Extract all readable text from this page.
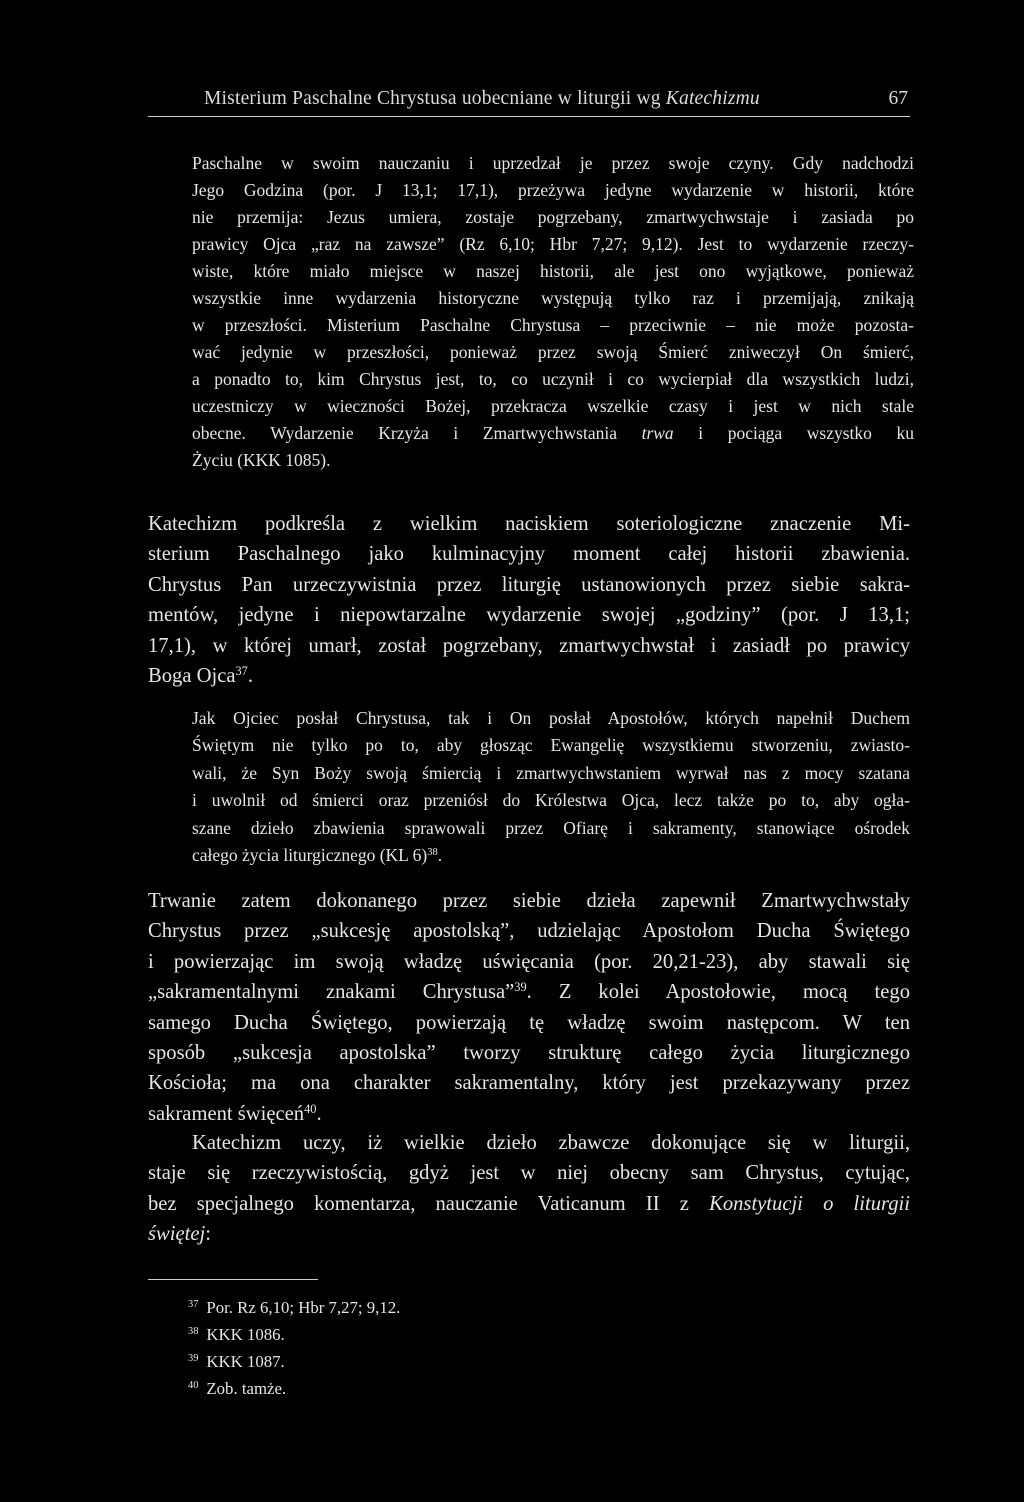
Misterium Paschalne Chrystusa uobecniane w liturgii wg Katechizmu	67
Paschalne w swoim nauczaniu i uprzedzał je przez swoje czyny. Gdy nadchodzi
Jego Godzina (por. J 13,1; 17,1), przeżywa jedyne wydarzenie w historii, które
nie przemija: Jezus umiera, zostaje pogrzebany, zmartwychwstaje i zasiada po
prawicy Ojca „raz na zawsze” (Rz 6,10; Hbr 7,27; 9,12). Jest to wydarzenie rzeczy-
wiste, które miało miejsce w naszej historii, ale jest ono wyjątkowe, ponieważ
wszystkie inne wydarzenia historyczne występują tylko raz i przemijają, znikają
w przeszłości. Misterium Paschalne Chrystusa – przeciwnie – nie może pozosta-
wać jedynie w przeszłości, ponieważ przez swoją Śmierć zniweczył On śmierć,
a ponadto to, kim Chrystus jest, to, co uczynił i co wycierpiał dla wszystkich ludzi,
uczestniczy w wieczności Bożej, przekracza wszelkie czasy i jest w nich stale
obecne. Wydarzenie Krzyża i Zmartwychwstania trwa i pociąga wszystko ku
Życiu (KKK 1085).
Katechizm podkreśla z wielkim naciskiem soteriologiczne znaczenie Mi-
sterium Paschalnego jako kulminacyjny moment całej historii zbawienia.
Chrystus Pan urzeczywistnia przez liturgię ustanowionych przez siebie sakra-
mentów, jedyne i niepowtarzalne wydarzenie swojej „godziny” (por. J 13,1;
17,1), w której umarł, został pogrzebany, zmartwychwstał i zasiadł po prawicy
Boga Ojca$^{37}$.
Jak Ojciec posłał Chrystusa, tak i On posłał Apostołów, których napełnił Duchem
Świętym nie tylko po to, aby głosząc Ewangelię wszystkiemu stworzeniu, zwiasto-
wali, że Syn Boży swoją śmiercią i zmartwychwstaniem wyrwał nas z mocy szatana
i uwolnił od śmierci oraz przeniósł do Królestwa Ojca, lecz także po to, aby ogła-
szane dzieło zbawienia sprawowali przez Ofiarę i sakramenty, stanowiące ośrodek
całego życia liturgicznego (KL 6)$^{38}$.
Trwanie zatem dokonanego przez siebie dzieła zapewnił Zmartwychwstały
Chrystus przez „sukcesję apostolską”, udzielając Apostołom Ducha Świętego
i powierzając im swoją władzę uświęcania (por. 20,21-23), aby stawali się
„sakramentalnymi znakami Chrystusa”$^{39}$. Z kolei Apostołowie, mocą tego
samego Ducha Świętego, powierzają tę władzę swoim następcom. W ten
sposób „sukcesja apostolska” tworzy strukturę całego życia liturgicznego
Kościoła; ma ona charakter sakramentalny, który jest przekazywany przez
sakrament święceń$^{40}$.
Katechizm uczy, iż wielkie dzieło zbawcze dokonujące się w liturgii,
staje się rzeczywistością, gdyż jest w niej obecny sam Chrystus, cytując,
bez specjalnego komentarza, nauczanie Vaticanum II z Konstytucji o liturgii
świętej:
$^{37}$ Por. Rz 6,10; Hbr 7,27; 9,12.
$^{38}$ KKK 1086.
$^{39}$ KKK 1087.
$^{40}$ Zob. tamże.
